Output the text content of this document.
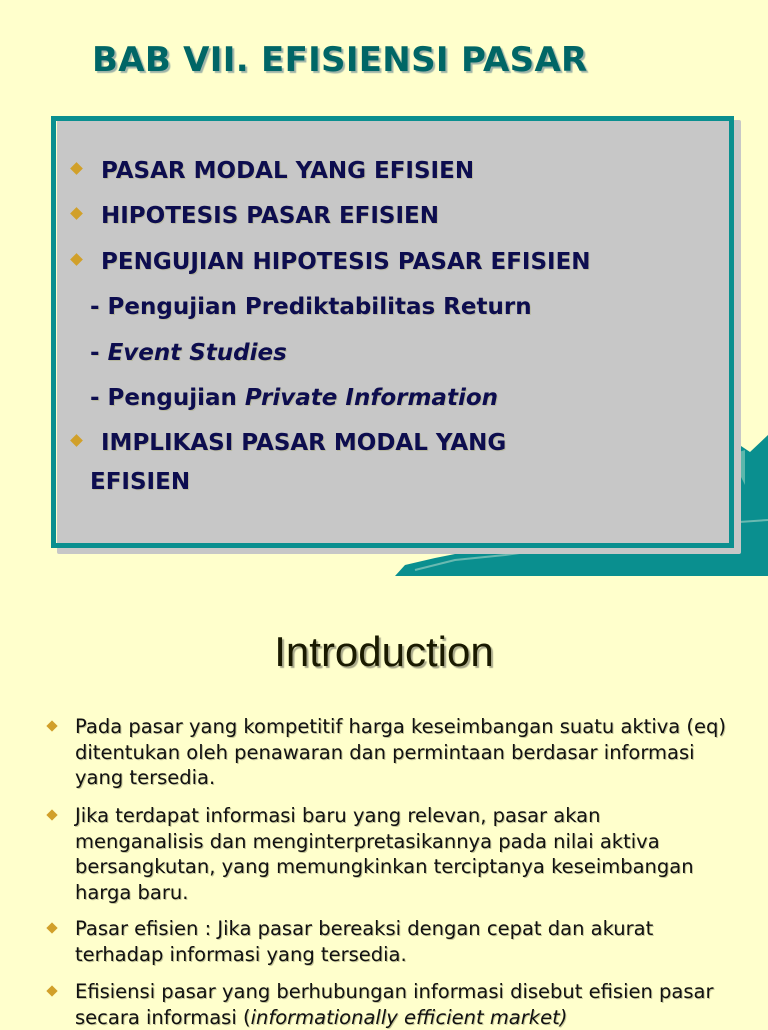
BAB VII. EFISIENSI PASAR

PASAR MODAL YANG EFISIEN

HIPOTESIS PASAR EFISIEN

PENGUJIAN HIPOTESIS PASAR EFISIEN

- Pengujian Prediktabilitas Return

- Event Studies

- Pengujian Private Information

IMPLIKASI PASAR MODAL YANG

EFISIEN

Introduction
Pada pasar yang kompetitif harga keseimbangan suatu aktiva (eq) ditentukan oleh penawaran dan permintaan berdasar informasi yang tersedia.
Jika terdapat informasi baru yang relevan, pasar akan menganalisis dan menginterpretasikannya pada nilai aktiva bersangkutan, yang memungkinkan terciptanya keseimbangan harga baru.
Pasar efisien : Jika pasar bereaksi dengan cepat dan akurat terhadap informasi yang tersedia.
Efisiensi pasar yang berhubungan informasi disebut efisien pasar secara informasi (informationally efficient market)
